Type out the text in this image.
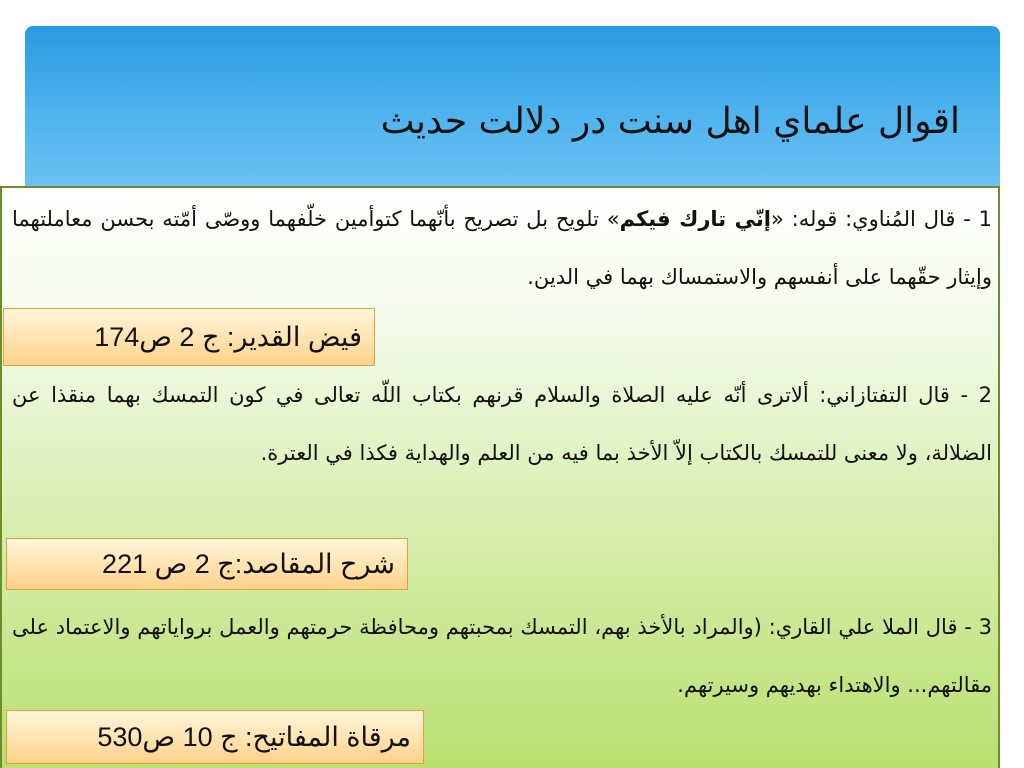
اقوال علماي اهل سنت در دلالت حديث
1 - قال المُناوي: قوله: «إنّي تارك فيكم» تلويح بل تصريح بأنّهما كتوأمين خلّفهما ووصّى أمّته بحسن معاملتهما وإيثار حقّهما على أنفسهم والاستمساك بهما في الدين.
2 - قال التفتازاني: ألاترى أنّه عليه الصلاة والسلام قرنهم بكتاب اللّه تعالى في كون التمسك بهما منقذا عن الضلالة، ولا معنى للتمسك بالكتاب إلاّ الأخذ بما فيه من العلم والهداية فكذا في العترة.
3 - قال الملا علي القاري: (والمراد بالأخذ بهم، التمسك بمحبتهم ومحافظة حرمتهم والعمل برواياتهم والاعتماد على مقالتهم... والاهتداء بهديهم وسيرتهم.
فيض القدير: ج 2 ص174
شرح المقاصد:ج 2 ص 221
مرقاة المفاتيح: ج 10 ص530
